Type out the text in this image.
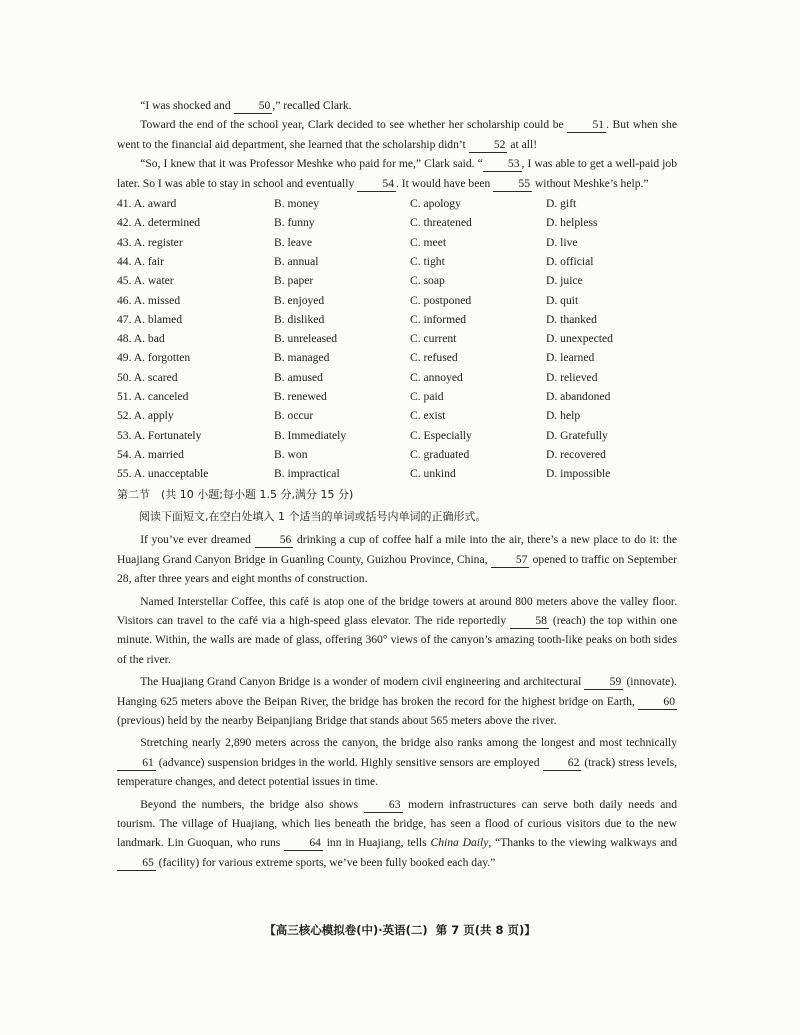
“I was shocked and 50 ,” recalled Clark.

Toward the end of the school year, Clark decided to see whether her scholarship could be 51 . But when she went to the financial aid department, she learned that the scholarship didn’t 52 at all!

“So, I knew that it was Professor Meshke who paid for me,” Clark said. “ 53 , I was able to get a well-paid job later. So I was able to stay in school and eventually 54 . It would have been 55 without Meshke’s help.”

41. A. award	B. money	C. apology	D. gift
42. A. determined	B. funny	C. threatened	D. helpless
43. A. register	B. leave	C. meet	D. live
44. A. fair	B. annual	C. tight	D. official
45. A. water	B. paper	C. soap	D. juice
46. A. missed	B. enjoyed	C. postponed	D. quit
47. A. blamed	B. disliked	C. informed	D. thanked
48. A. bad	B. unreleased	C. current	D. unexpected
49. A. forgotten	B. managed	C. refused	D. learned
50. A. scared	B. amused	C. annoyed	D. relieved
51. A. canceled	B. renewed	C. paid	D. abandoned
52. A. apply	B. occur	C. exist	D. help
53. A. Fortunately	B. Immediately	C. Especially	D. Gratefully
54. A. married	B. won	C. graduated	D. recovered
55. A. unacceptable	B. impractical	C. unkind	D. impossible
第二节　(共 10 小题;每小题 1.5 分,满分 15 分)
阅读下面短文,在空白处填入 1 个适当的单词或括号内单词的正确形式。

If you’ve ever dreamed 56 drinking a cup of coffee half a mile into the air, there’s a new place to do it: the Huajiang Grand Canyon Bridge in Guanling County, Guizhou Province, China, 57 opened to traffic on September 28, after three years and eight months of construction.

Named Interstellar Coffee, this café is atop one of the bridge towers at around 800 meters above the valley floor. Visitors can travel to the café via a high-speed glass elevator. The ride reportedly 58 (reach) the top within one minute. Within, the walls are made of glass, offering 360° views of the canyon’s amazing tooth-like peaks on both sides of the river.

The Huajiang Grand Canyon Bridge is a wonder of modern civil engineering and architectural 59 (innovate). Hanging 625 meters above the Beipan River, the bridge has broken the record for the highest bridge on Earth, 60 (previous) held by the nearby Beipanjiang Bridge that stands about 565 meters above the river.

Stretching nearly 2,890 meters across the canyon, the bridge also ranks among the longest and most technically 61 (advance) suspension bridges in the world. Highly sensitive sensors are employed 62 (track) stress levels, temperature changes, and detect potential issues in time.

Beyond the numbers, the bridge also shows 63 modern infrastructures can serve both daily needs and tourism. The village of Huajiang, which lies beneath the bridge, has seen a flood of curious visitors due to the new landmark. Lin Guoquan, who runs 64 inn in Huajiang, tells China Daily, “Thanks to the viewing walkways and 65 (facility) for various extreme sports, we’ve been fully booked each day.”

【高三核心模拟卷(中)·英语(二) 第 7 页(共 8 页)】
